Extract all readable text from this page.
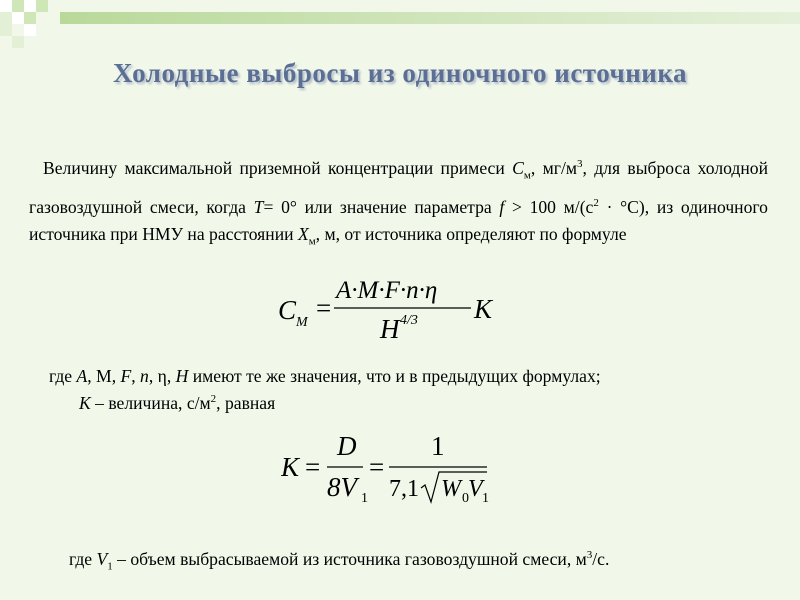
Холодные выбросы из одиночного источника
Величину максимальной приземной концентрации примеси $C_м$, $мг/м^3$, для выброса холодной газовоздушной смеси, когда T= 0° или значение параметра f > 100 $м/(с^2 \cdot ^\circ С)$, из одиночного источника при НМУ на расстоянии $X_м$, м, от источника определяют по формуле
C M =
A·M·F·n·η
H 4/3 K
где A, М, F, n, η, H имеют те же значения, что и в предыдущих формулах;
K – величина, $с/м^2$, равная
K =
D
8V 1
=
1
7,1 W 0 V 1
где $V_1$ – объем выбрасываемой из источника газовоздушной смеси, $м^3/с$.
